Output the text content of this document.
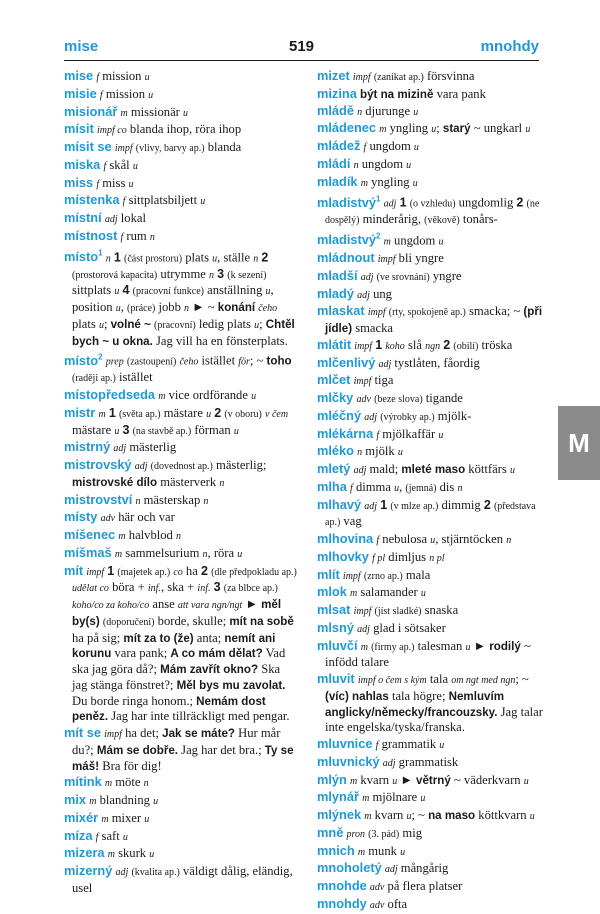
mise	519	mnohdy

mise f mission u

misie f mission u

misionář m missionär u

mísit impf co blanda ihop, röra ihop

mísit se impf (vlivy, barvy ap.) blanda

miska f skål u

miss f miss u

místenka f sittplatsbiljett u

místní adj lokal

místnost f rum n

místo$^1$ n 1 (část prostoru) plats u, ställe n 2 (prostorová kapacita) utrymme n 3 (k sezení) sittplats u 4 (pracovní funkce) anställning u, position u, (práce) jobb n ► ~ konání čeho plats u; volné ~ (pracovní) ledig plats u; Chtěl bych ~ u okna. Jag vill ha en fönsterplats.

místo$^2$ prep (zastoupení) čeho istället för; ~ toho (raději ap.) istället

místopředseda m vice ordförande u

mistr m 1 (světa ap.) mästare u 2 (v oboru) v čem mästare u 3 (na stavbě ap.) förman u

mistrný adj mästerlig

mistrovský adj (dovednost ap.) mästerlig; mistrovské dílo mästerverk n

mistrovství n mästerskap n

místy adv här och var

míšenec m halvblod n

míšmaš m sammelsurium n, röra u

mít impf 1 (majetek ap.) co ha 2 (dle předpokladu ap.) udělat co böra + inf., ska + inf. 3 (za blbce ap.) koho/co za koho/co anse att vara ngn/ngt ► měl by(s) (doporučení) borde, skulle; mít na sobě ha på sig; mít za to (že) anta; nemít ani korunu vara pank; A co mám dělat? Vad ska jag göra då?; Mám zavřít okno? Ska jag stänga fönstret?; Měl bys mu zavolat. Du borde ringa honom.; Nemám dost peněz. Jag har inte tillräckligt med pengar.

mít se impf ha det; Jak se máte? Hur mår du?; Mám se dobře. Jag har det bra.; Ty se máš! Bra för dig!

mítink m möte n

mix m blandning u

mixér m mixer u

míza f saft u

mizera m skurk u

mizerný adj (kvalita ap.) väldigt dålig, eländig, usel

mizet impf (zanikat ap.) försvinna

mizina být na mizině vara pank

mládě n djurunge u

mládenec m yngling u; starý ~ ungkarl u

mládež f ungdom u

mládí n ungdom u

mladík m yngling u

mladistvý$^1$ adj 1 (o vzhledu) ungdomlig 2 (ne dospělý) minderårig, (věkově) tonårs-

mladistvý$^2$ m ungdom u

mládnout impf bli yngre

mladší adj (ve srovnání) yngre

mladý adj ung

mlaskat impf (rty, spokojeně ap.) smacka; ~ (při jídle) smacka

mlátit impf 1 koho slå ngn 2 (obilí) tröska

mlčenlivý adj tystlåten, fåordig

mlčet impf tiga

mlčky adv (beze slova) tigande

mléčný adj (výrobky ap.) mjölk-

mlékárna f mjölkaffär u

mléko n mjölk u

mletý adj mald; mleté maso köttfärs u

mlha f dimma u, (jemná) dis n

mlhavý adj 1 (v mlze ap.) dimmig 2 (představa ap.) vag

mlhovina f nebulosa u, stjärntöcken n

mlhovky f pl dimljus n pl

mlít impf (zrno ap.) mala

mlok m salamander u

mlsat impf (jíst sladké) snaska

mlsný adj glad i sötsaker

mluvčí m (firmy ap.) talesman u ► rodilý ~ infödd talare

mluvit impf o čem s kým tala om ngt med ngn; ~ (víc) nahlas tala högre; Nemluvím anglicky/německy/francouzsky. Jag talar inte engelska/tyska/franska.

mluvnice f grammatik u

mluvnický adj grammatisk

mlýn m kvarn u ► větrný ~ väderkvarn u

mlynář m mjölnare u

mlýnek m kvarn u; ~ na maso köttkvarn u

mně pron (3. pád) mig

mnich m munk u

mnoholetý adj mångårig

mnohde adv på flera platser

mnohdy adv ofta

M
